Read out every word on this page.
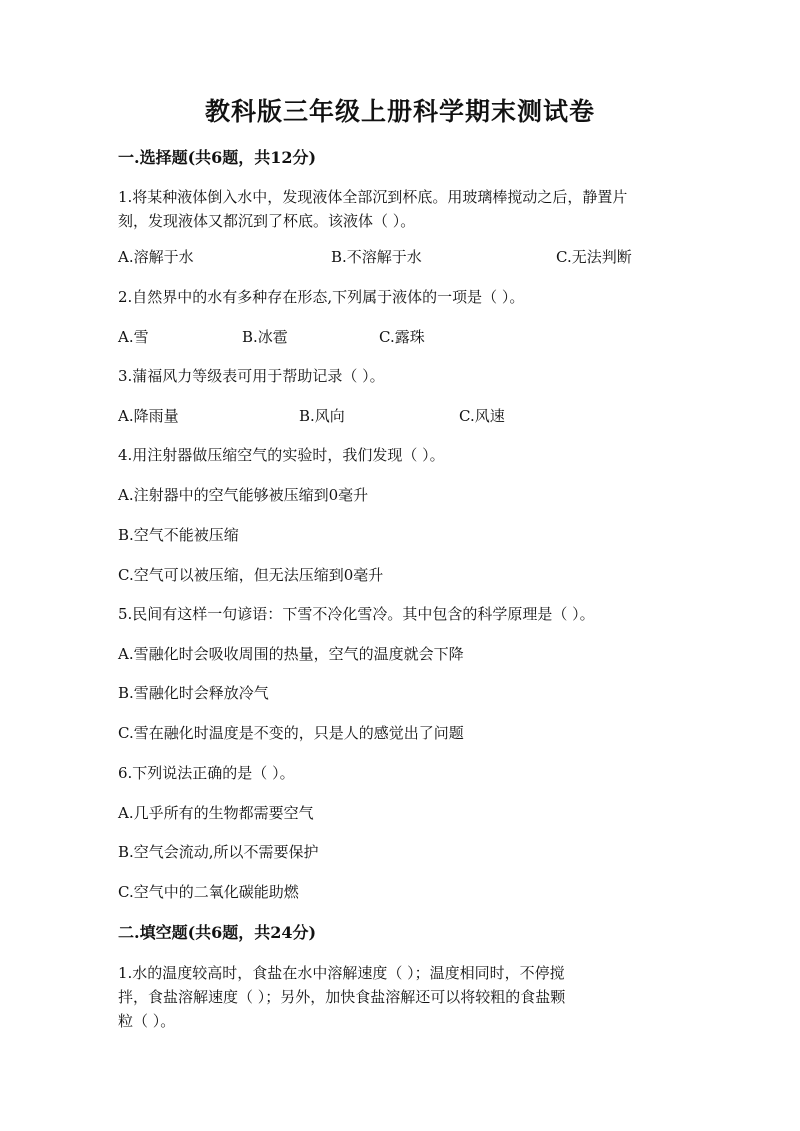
教科版三年级上册科学期末测试卷
一.选择题(共6题，共12分)
1.将某种液体倒入水中，发现液体全部沉到杯底。用玻璃棒搅动之后，静置片
刻，发现液体又都沉到了杯底。该液体（ ）。
A.溶解于水	B.不溶解于水	C.无法判断
2.自然界中的水有多种存在形态,下列属于液体的一项是（ ）。
A.雪	B.冰雹	C.露珠
3.蒲福风力等级表可用于帮助记录（ ）。
A.降雨量	B.风向	C.风速
4.用注射器做压缩空气的实验时，我们发现（ ）。
A.注射器中的空气能够被压缩到0毫升
B.空气不能被压缩
C.空气可以被压缩，但无法压缩到0毫升
5.民间有这样一句谚语：下雪不冷化雪冷。其中包含的科学原理是（ ）。
A.雪融化时会吸收周围的热量，空气的温度就会下降
B.雪融化时会释放冷气
C.雪在融化时温度是不变的，只是人的感觉出了问题
6.下列说法正确的是（ ）。
A.几乎所有的生物都需要空气
B.空气会流动,所以不需要保护
C.空气中的二氧化碳能助燃
二.填空题(共6题，共24分)
1.水的温度较高时，食盐在水中溶解速度（ ）；温度相同时，不停搅
拌，食盐溶解速度（ ）；另外，加快食盐溶解还可以将较粗的食盐颗
粒（ ）。
